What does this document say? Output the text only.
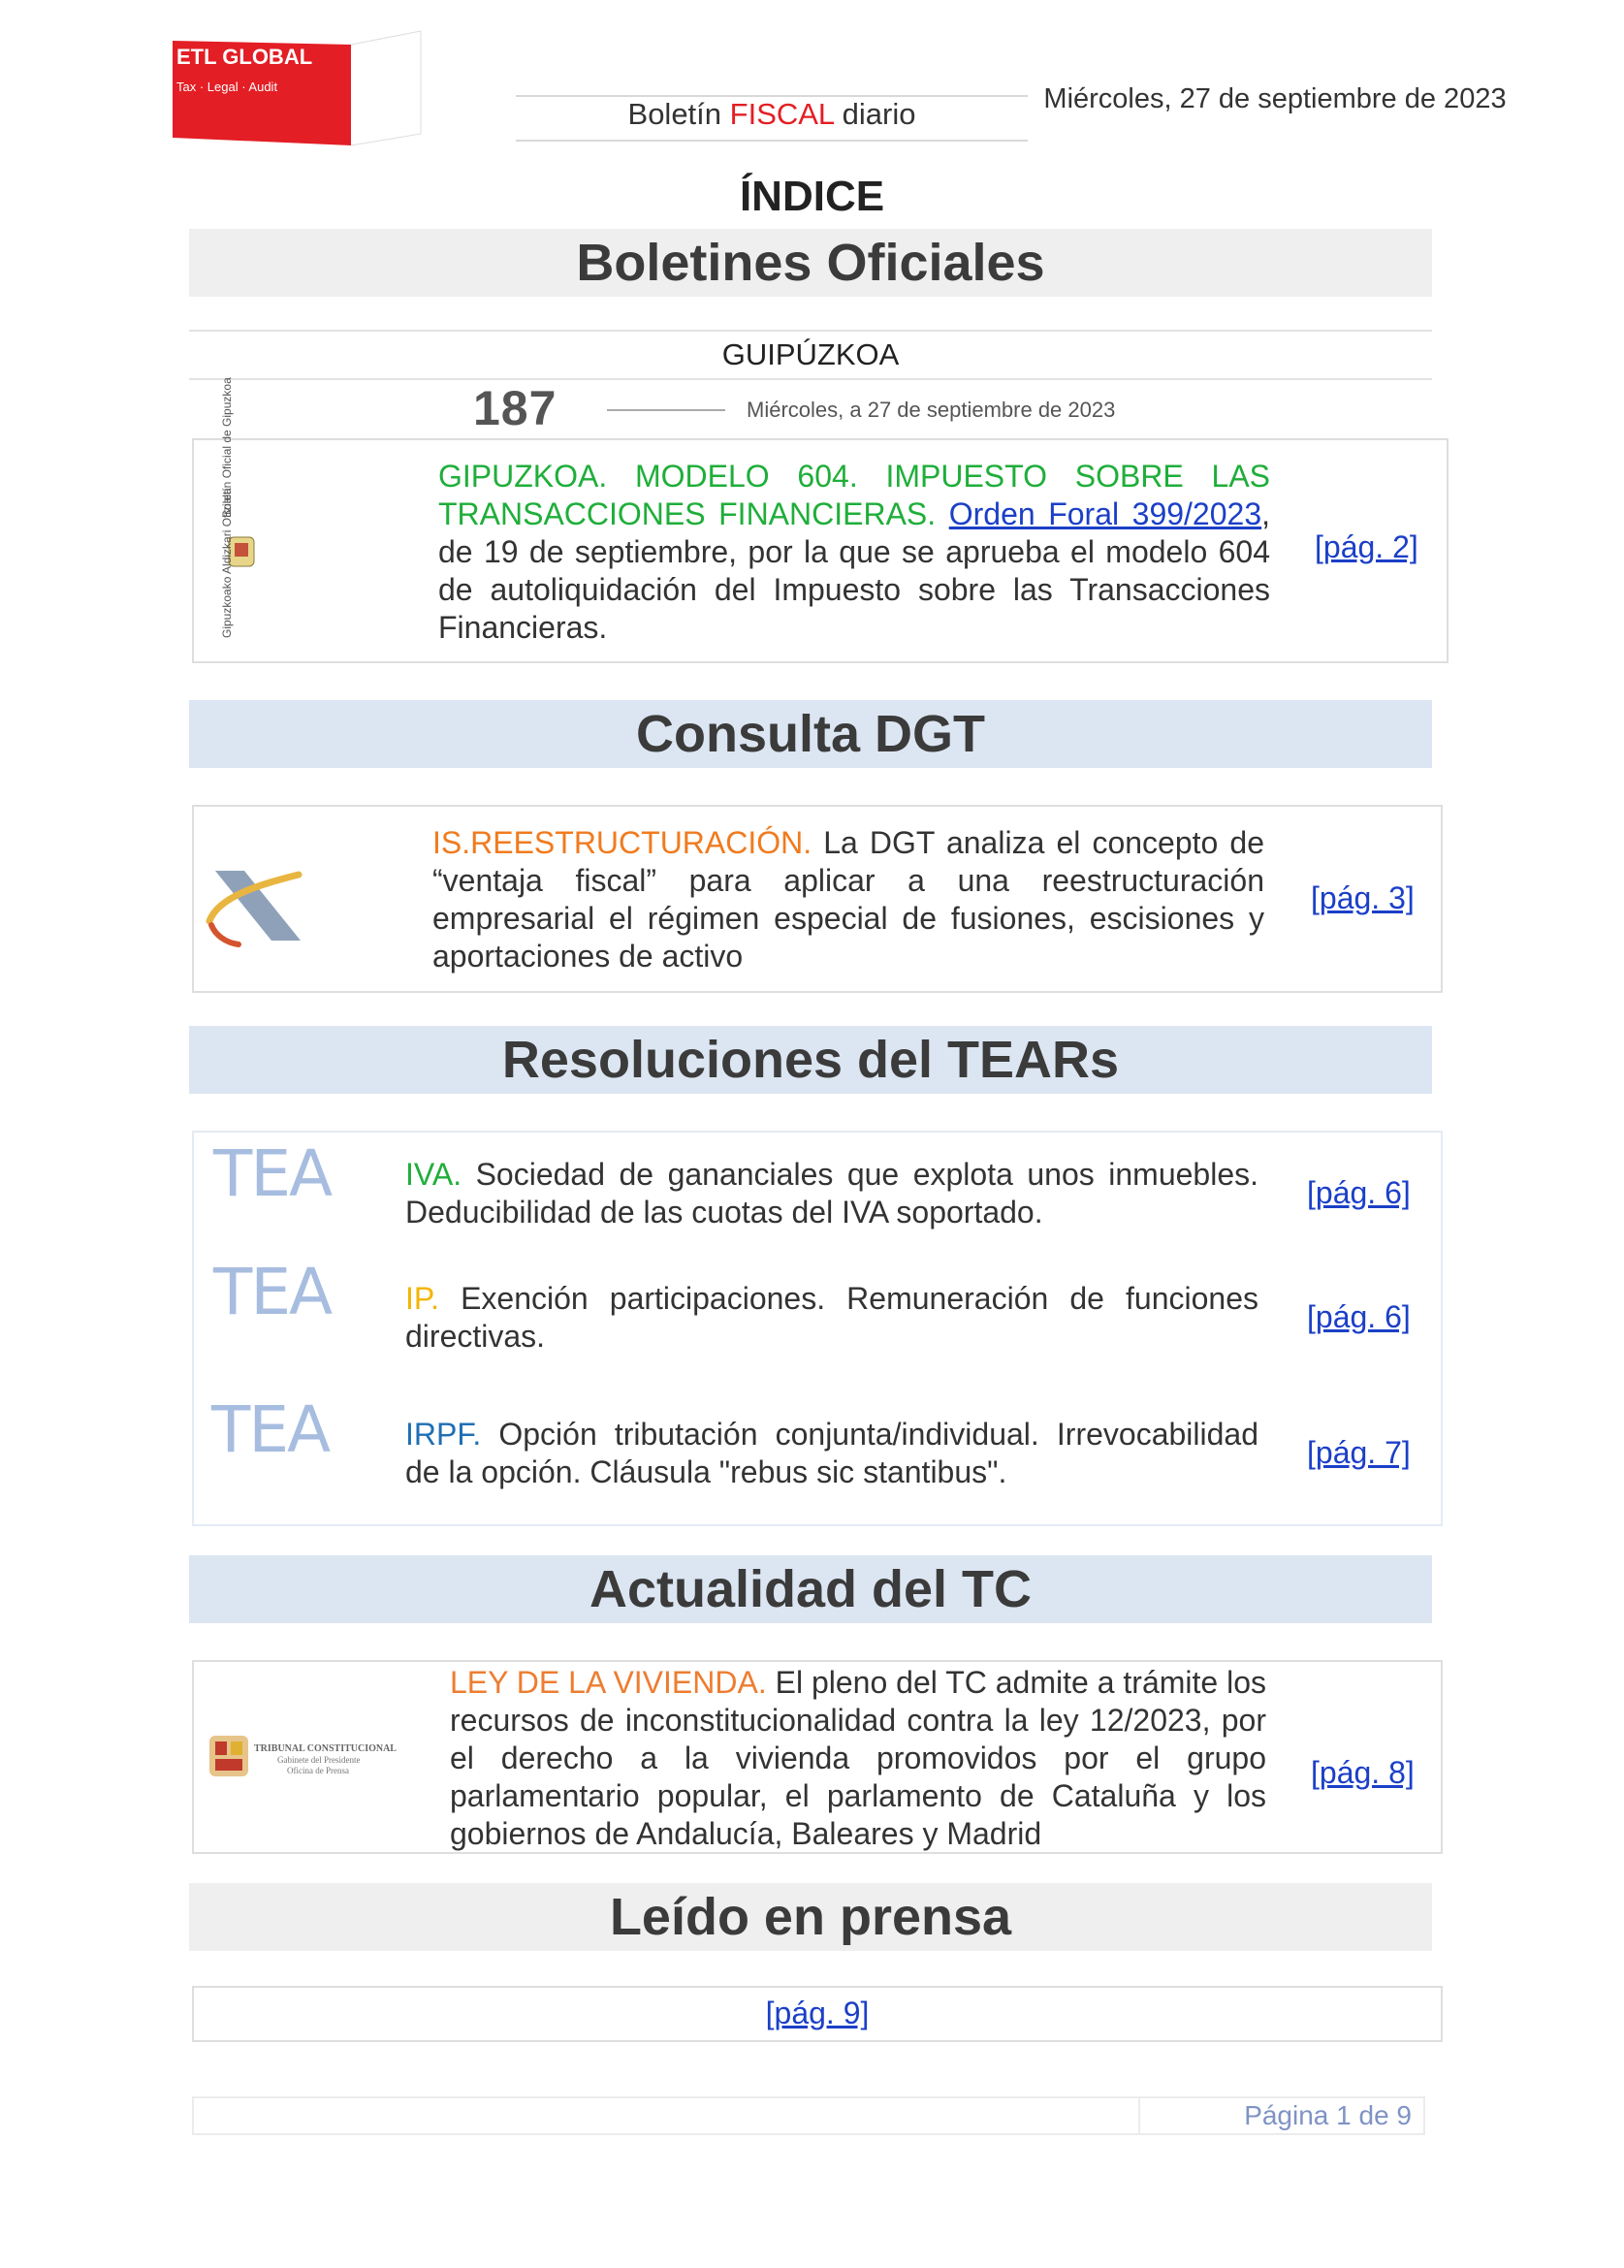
ETL GLOBAL
Tax · Legal · Audit
Boletín FISCAL diario	Miércoles, 27 de septiembre de 2023
ÍNDICE
Boletines Oficiales
GUIPÚZKOA
187	Miércoles, a 27 de septiembre de 2023
Boletín Oficial de Gipuzkoa
Gipuzkoako Aldizkari Ofiziala
GIPUZKOA. MODELO 604. IMPUESTO SOBRE LAS TRANSACCIONES FINANCIERAS. Orden Foral 399/2023, de 19 de septiembre, por la que se aprueba el modelo 604 de autoliquidación del Impuesto sobre las Transacciones Financieras.
[pág. 2]
Consulta DGT
IS.REESTRUCTURACIÓN. La DGT analiza el concepto de “ventaja fiscal” para aplicar a una reestructuración empresarial el régimen especial de fusiones, escisiones y aportaciones de activo
[pág. 3]
Resoluciones del TEARs
TEA IVA. Sociedad de gananciales que explota unos inmuebles. Deducibilidad de las cuotas del IVA soportado.
[pág. 6]
TEA IP. Exención participaciones. Remuneración de funciones directivas.
[pág. 6]
TEA IRPF. Opción tributación conjunta/individual. Irrevocabilidad de la opción. Cláusula "rebus sic stantibus".
[pág. 7]
Actualidad del TC
TRIBUNAL CONSTITUCIONAL
Gabinete del Presidente
Oficina de Prensa
LEY DE LA VIVIENDA. El pleno del TC admite a trámite los recursos de inconstitucionalidad contra la ley 12/2023, por el derecho a la vivienda promovidos por el grupo parlamentario popular, el parlamento de Cataluña y los gobiernos de Andalucía, Baleares y Madrid
[pág. 8]
Leído en prensa
[pág. 9]
Página 1 de 9
